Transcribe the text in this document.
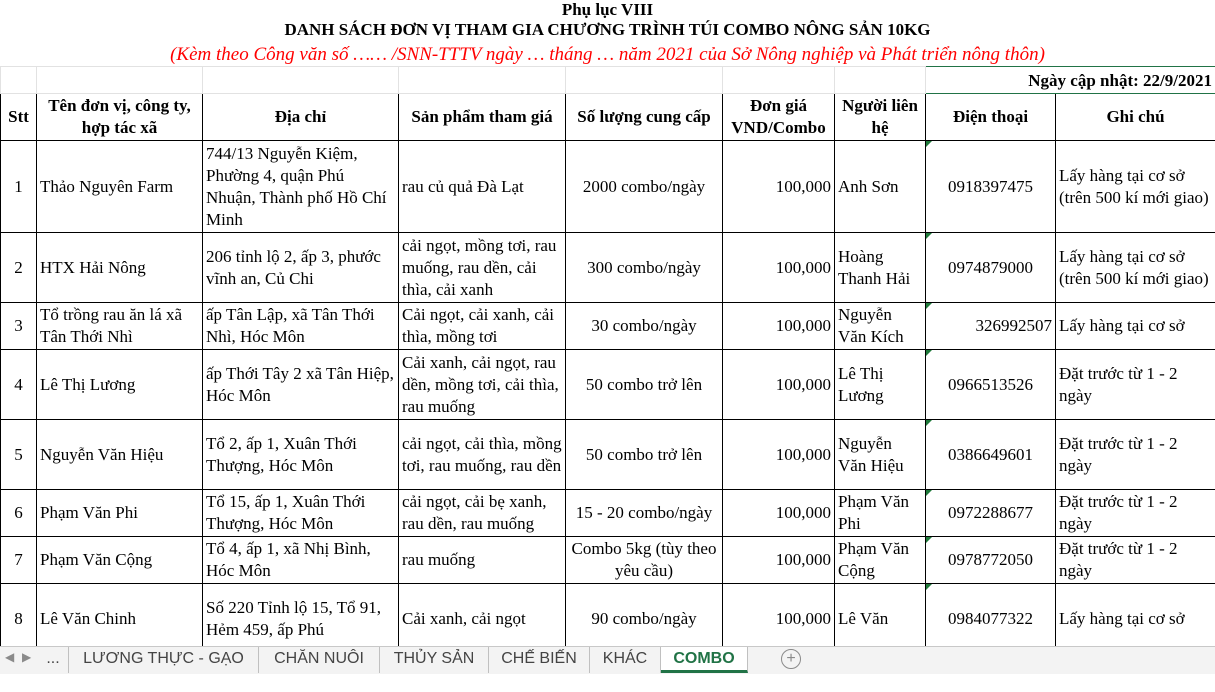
Phụ lục VIII
DANH SÁCH ĐƠN VỊ THAM GIA CHƯƠNG TRÌNH TÚI COMBO NÔNG SẢN 10KG
(Kèm theo Công văn số …… /SNN-TTTV ngày … tháng … năm 2021 của Sở Nông nghiệp và Phát triển nông thôn)
							Ngày cập nhật: 22/9/2021	
Stt	Tên đơn vị, công ty, hợp tác xã	Địa chỉ	Sản phẩm tham giá	Số lượng cung cấp	Đơn giá VND/Combo	Người liên hệ	Điện thoại	Ghi chú
1	Thảo Nguyên Farm	744/13 Nguyễn Kiệm, Phường 4, quận Phú Nhuận, Thành phố Hồ Chí Minh	rau củ quả Đà Lạt	2000 combo/ngày	100,000	Anh Sơn	0918397475	Lấy hàng tại cơ sở (trên 500 kí mới giao)
2	HTX Hải Nông	206 tỉnh lộ 2, ấp 3, phước vĩnh an, Củ Chi	cải ngọt, mồng tơi, rau muống, rau dền, cải thìa, cải xanh	300 combo/ngày	100,000	Hoàng Thanh Hải	0974879000	Lấy hàng tại cơ sở (trên 500 kí mới giao)
3	Tổ trồng rau ăn lá xã Tân Thới Nhì	ấp Tân Lập, xã Tân Thới Nhì, Hóc Môn	Cải ngọt, cải xanh, cải thìa, mồng tơi	30 combo/ngày	100,000	Nguyễn Văn Kích	326992507	Lấy hàng tại cơ sở
4	Lê Thị Lương	ấp Thới Tây 2 xã Tân Hiệp, Hóc Môn	Cải xanh, cải ngọt, rau dền, mồng tơi, cải thìa, rau muống	50 combo trở lên	100,000	Lê Thị Lương	0966513526	Đặt trước từ 1 - 2 ngày
5	Nguyễn Văn Hiệu	Tổ 2, ấp 1, Xuân Thới Thượng, Hóc Môn	cải ngọt, cải thìa, mồng tơi, rau muống, rau dền	50 combo trở lên	100,000	Nguyễn Văn Hiệu	0386649601	Đặt trước từ 1 - 2 ngày
6	Phạm Văn Phi	Tổ 15, ấp 1, Xuân Thới Thượng, Hóc Môn	cải ngọt, cải bẹ xanh, rau dền, rau muống	15 - 20 combo/ngày	100,000	Phạm Văn Phi	0972288677	Đặt trước từ 1 - 2 ngày
7	Phạm Văn Cộng	Tổ 4, ấp 1, xã Nhị Bình, Hóc Môn	rau muống	Combo 5kg (tùy theo yêu cầu)	100,000	Phạm Văn Cộng	0978772050	Đặt trước từ 1 - 2 ngày
8	Lê Văn Chinh	Số 220 Tỉnh lộ 15, Tổ 91, Hẻm 459, ấp Phú	Cải xanh, cải ngọt	90 combo/ngày	100,000	Lê Văn	0984077322	Lấy hàng tại cơ sở
◀ ▶ ...	LƯƠNG THỰC - GẠO	CHĂN NUÔI	THỦY SẢN	CHẾ BIẾN	KHÁC	COMBO	+
